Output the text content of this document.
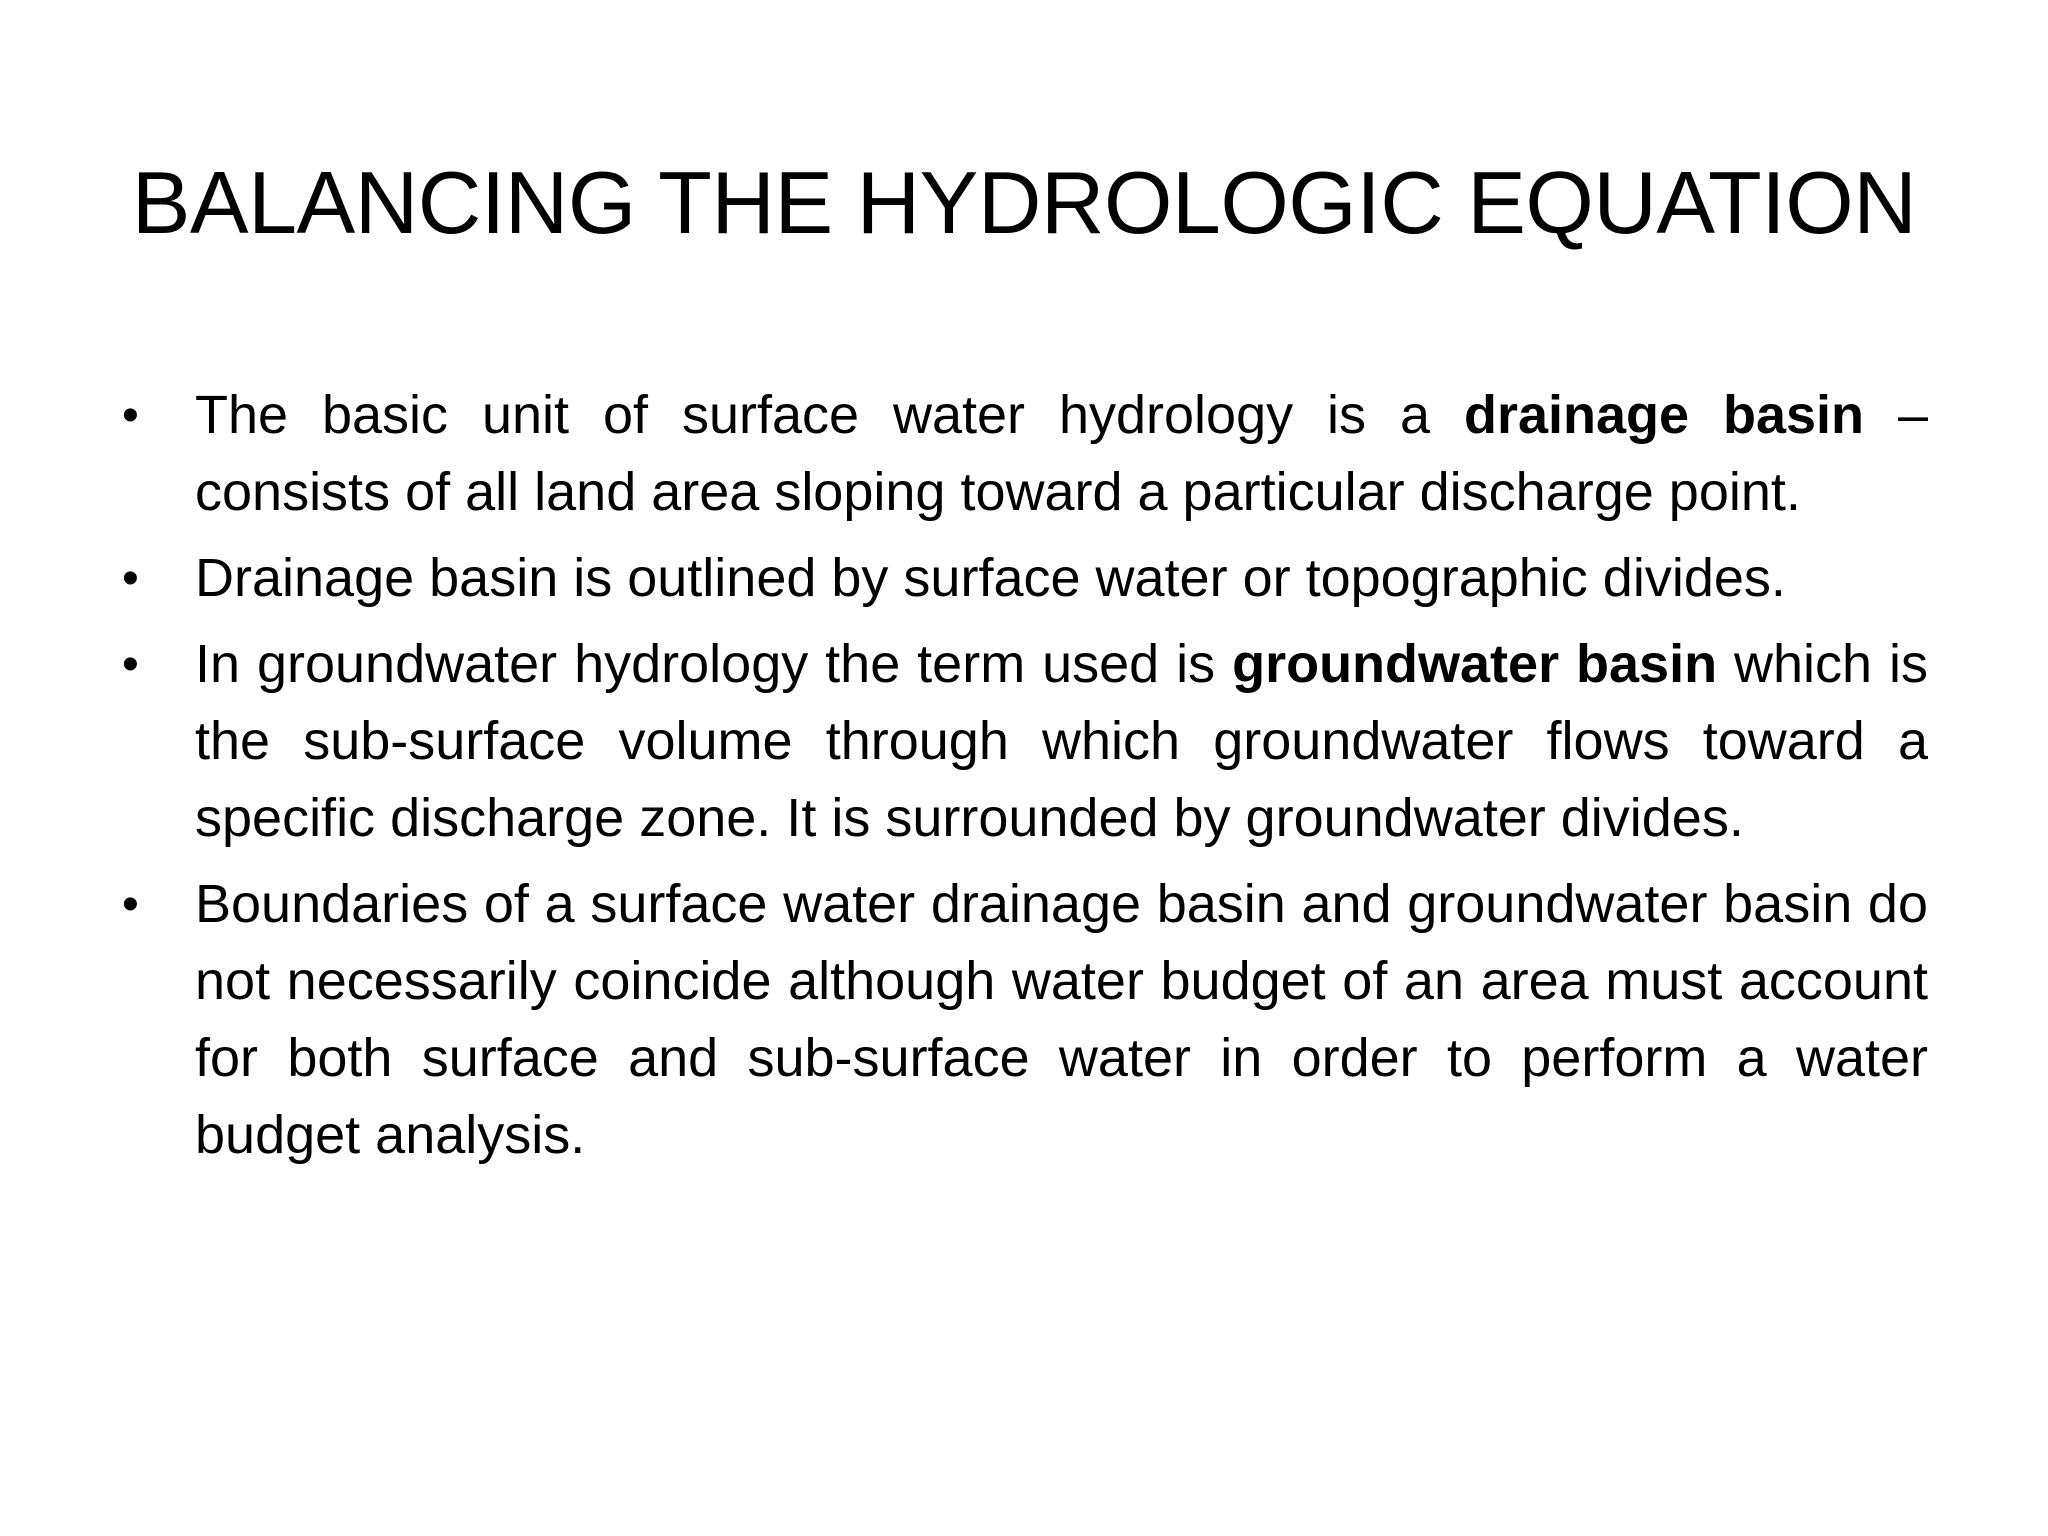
BALANCING THE HYDROLOGIC EQUATION
• The basic unit of surface water hydrology is a drainage basin – consists of all land area sloping toward a particular discharge point.
• Drainage basin is outlined by surface water or topographic divides.
• In groundwater hydrology the term used is groundwater basin which is the sub-surface volume through which groundwater flows toward a specific discharge zone. It is surrounded by groundwater divides.
• Boundaries of a surface water drainage basin and groundwater basin do not necessarily coincide although water budget of an area must account for both surface and sub-surface water in order to perform a water budget analysis.
